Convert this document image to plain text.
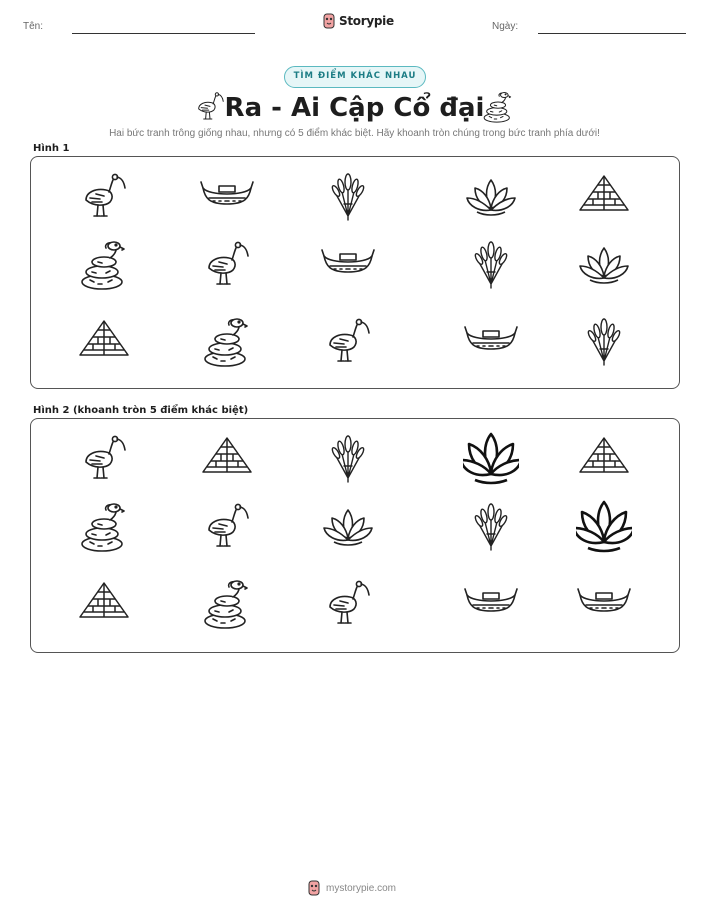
Tên:	Storypie	Ngày:
TÌM ĐIỂM KHÁC NHAU
Ra - Ai Cập Cổ đại
Hai bức tranh trông giống nhau, nhưng có 5 điểm khác biệt. Hãy khoanh tròn chúng trong bức tranh phía dưới!
Hình 1
Hình 2 (khoanh tròn 5 điểm khác biệt)
mystorypie.com
